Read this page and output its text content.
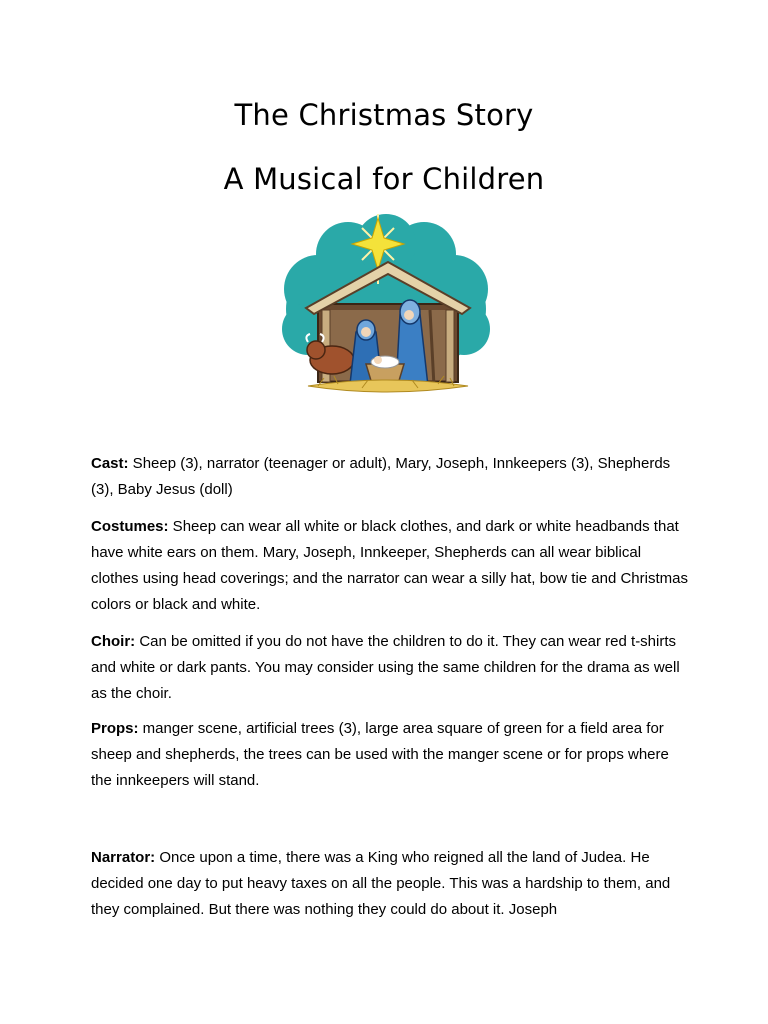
The Christmas Story
A Musical for Children
Cast: Sheep (3), narrator (teenager or adult), Mary, Joseph, Innkeepers (3), Shepherds (3), Baby Jesus (doll)
Costumes: Sheep can wear all white or black clothes, and dark or white headbands that have white ears on them. Mary, Joseph, Innkeeper, Shepherds can all wear biblical clothes using head coverings; and the narrator can wear a silly hat, bow tie and Christmas colors or black and white.
Choir: Can be omitted if you do not have the children to do it. They can wear red t-shirts and white or dark pants. You may consider using the same children for the drama as well as the choir.
Props: manger scene, artificial trees (3), large area square of green for a field area for sheep and shepherds, the trees can be used with the manger scene or for props where the innkeepers will stand.
Narrator: Once upon a time, there was a King who reigned all the land of Judea. He decided one day to put heavy taxes on all the people. This was a hardship to them, and they complained. But there was nothing they could do about it. Joseph
